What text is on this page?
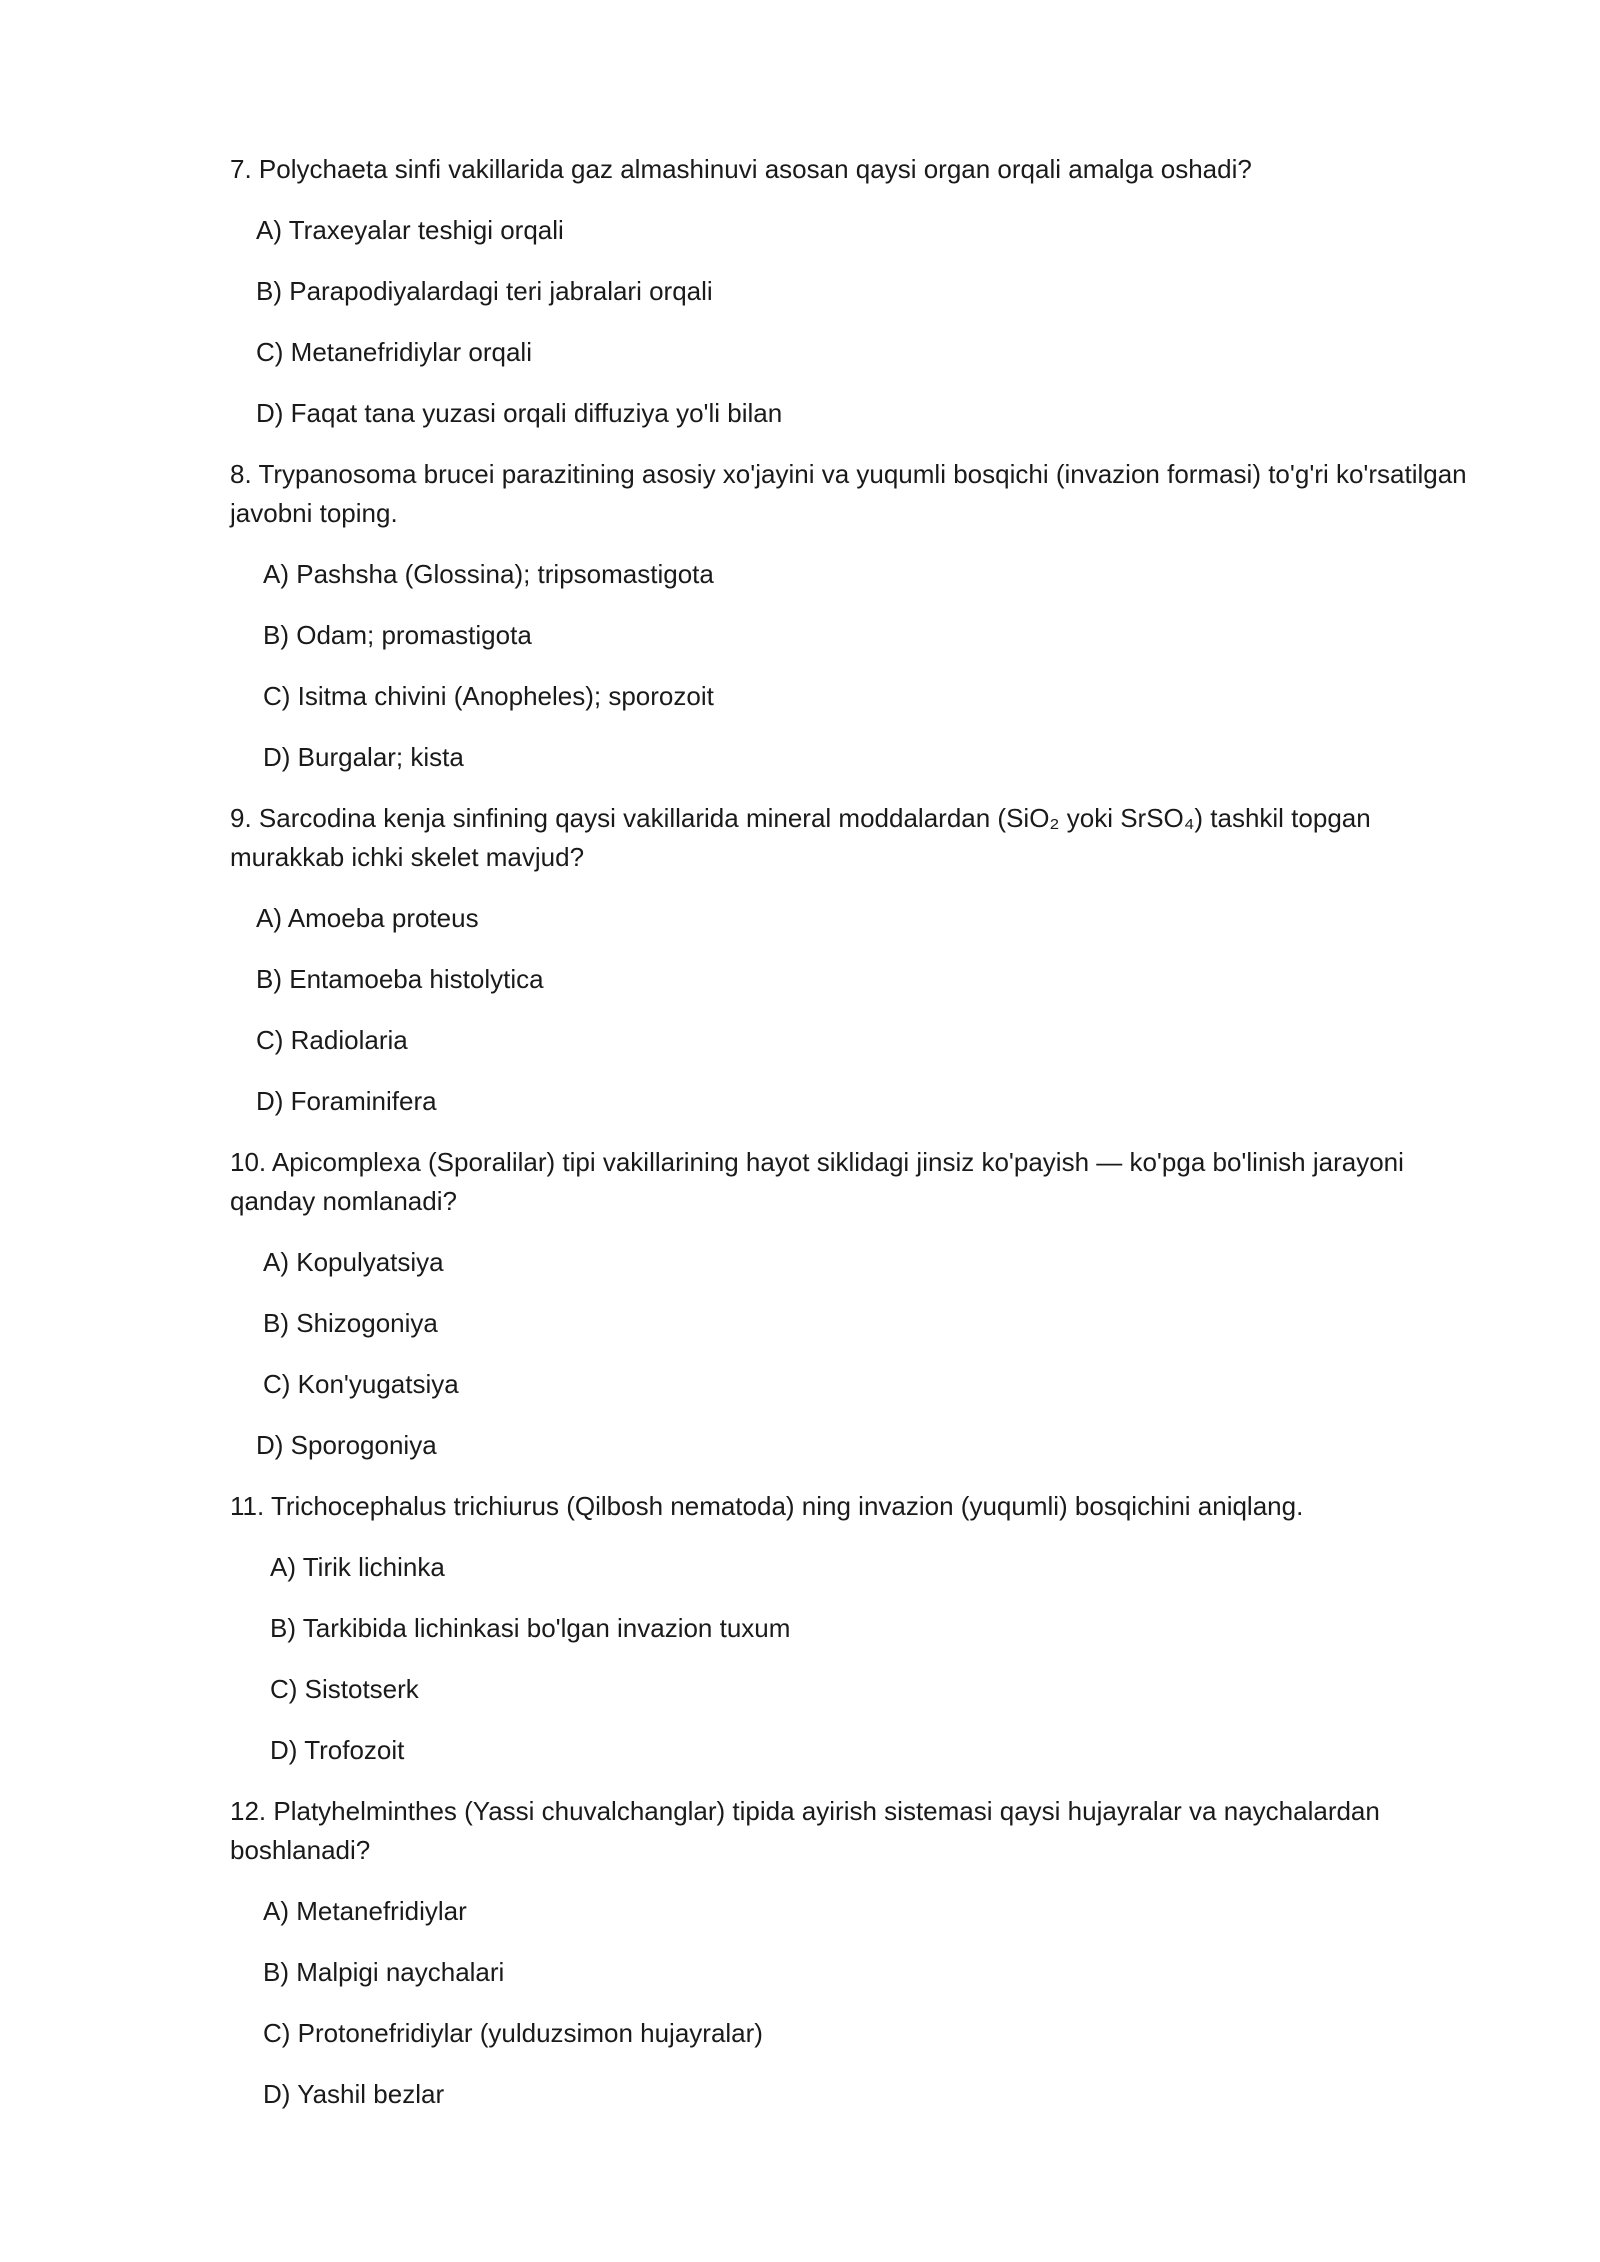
7. Polychaeta sinfi vakillarida gaz almashinuvi asosan qaysi organ orqali amalga oshadi?

A) Traxeyalar teshigi orqali

B) Parapodiyalardagi teri jabralari orqali

C) Metanefridiylar orqali

D) Faqat tana yuzasi orqali diffuziya yo'li bilan

8. Trypanosoma brucei parazitining asosiy xo'jayini va yuqumli bosqichi (invazion formasi) to'g'ri ko'rsatilgan javobni toping.

A) Pashsha (Glossina); tripsomastigota

B) Odam; promastigota

C) Isitma chivini (Anopheles); sporozoit

D) Burgalar; kista

9. Sarcodina kenja sinfining qaysi vakillarida mineral moddalardan (SiO₂ yoki SrSO₄) tashkil topgan murakkab ichki skelet mavjud?

A) Amoeba proteus

B) Entamoeba histolytica

C) Radiolaria

D) Foraminifera

10. Apicomplexa (Sporalilar) tipi vakillarining hayot siklidagi jinsiz ko'payish — ko'pga bo'linish jarayoni qanday nomlanadi?

A) Kopulyatsiya

B) Shizogoniya

C) Kon'yugatsiya

D) Sporogoniya

11. Trichocephalus trichiurus (Qilbosh nematoda) ning invazion (yuqumli) bosqichini aniqlang.

A) Tirik lichinka

B) Tarkibida lichinkasi bo'lgan invazion tuxum

C) Sistotserk

D) Trofozoit

12. Platyhelminthes (Yassi chuvalchanglar) tipida ayirish sistemasi qaysi hujayralar va naychalardan boshlanadi?

A) Metanefridiylar

B) Malpigi naychalari

C) Protonefridiylar (yulduzsimon hujayralar)

D) Yashil bezlar
